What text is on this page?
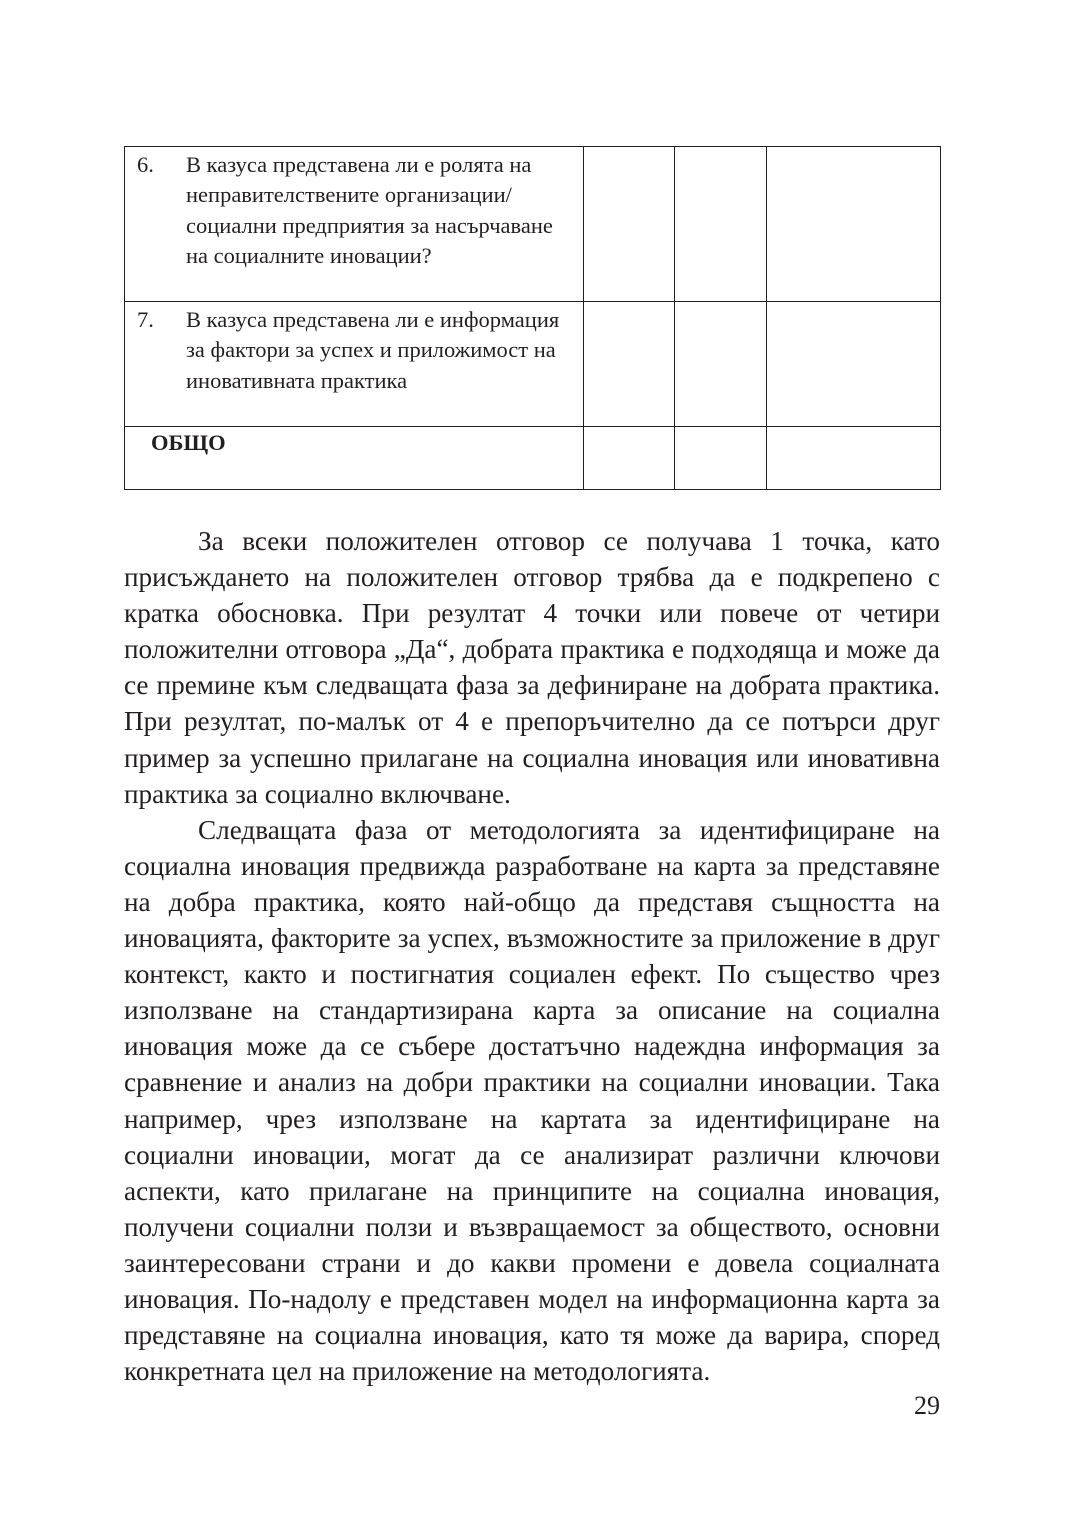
6. В казуса представена ли е ролята на неправителствените организации/социални предприятия за насърчаване на социалните иновации?			

7. В казуса представена ли е информация за фактори за успех и приложимост на иновативната практика			

ОБЩО			

За всеки положителен отговор се получава 1 точка, като присъждането на положителен отговор трябва да е подкрепено с кратка обосновка. При резултат 4 точки или повече от четири положителни отговора „Да“, добрата практика е подходяща и може да се премине към следващата фаза за дефиниране на добрата практика. При резултат, по-малък от 4 е препоръчително да се потърси друг пример за успешно прилагане на социална иновация или иновативна практика за социално включване.

Следващата фаза от методологията за идентифициране на социална иновация предвижда разработване на карта за представяне на добра практика, която най-общо да представя същността на иновацията, факторите за успех, възможностите за приложение в друг контекст, както и постигнатия социален ефект. По същество чрез използване на стандартизирана карта за описание на социална иновация може да се събере достатъчно надеждна информация за сравнение и анализ на добри практики на социални иновации. Така например, чрез използване на картата за идентифициране на социални иновации, могат да се анализират различни ключови аспекти, като прилагане на принципите на социална иновация, получени социални ползи и възвращаемост за обществото, основни заинтересовани страни и до какви промени е довела социалната иновация. По-надолу е представен модел на информационна карта за представяне на социална иновация, като тя може да варира, според конкретната цел на приложение на методологията.

29
